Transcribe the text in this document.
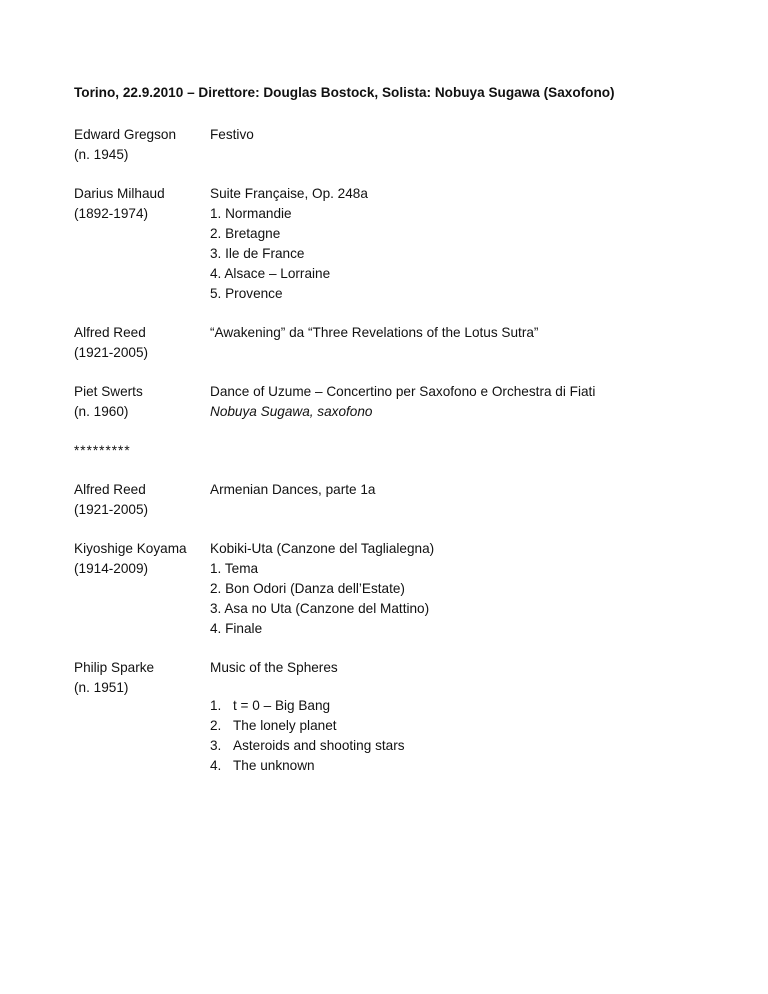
Torino, 22.9.2010 – Direttore: Douglas Bostock, Solista: Nobuya Sugawa (Saxofono)
Edward Gregson
(n. 1945)
Festivo
Darius Milhaud
(1892-1974)
Suite Française, Op. 248a
1. Normandie
2. Bretagne
3. Ile de France
4. Alsace – Lorraine
5. Provence
Alfred Reed
(1921-2005)
“Awakening” da “Three Revelations of the Lotus Sutra”
Piet Swerts
(n. 1960)
Dance of Uzume – Concertino per Saxofono e Orchestra di Fiati
Nobuya Sugawa, saxofono
*********
Alfred Reed
(1921-2005)
Armenian Dances, parte 1a
Kiyoshige Koyama
(1914-2009)
Kobiki-Uta (Canzone del Taglialegna)
1. Tema
2. Bon Odori (Danza dell’Estate)
3. Asa no Uta (Canzone del Mattino)
4. Finale
Philip Sparke
(n. 1951)
Music of the Spheres
1. t = 0 – Big Bang
2. The lonely planet
3. Asteroids and shooting stars
4. The unknown
